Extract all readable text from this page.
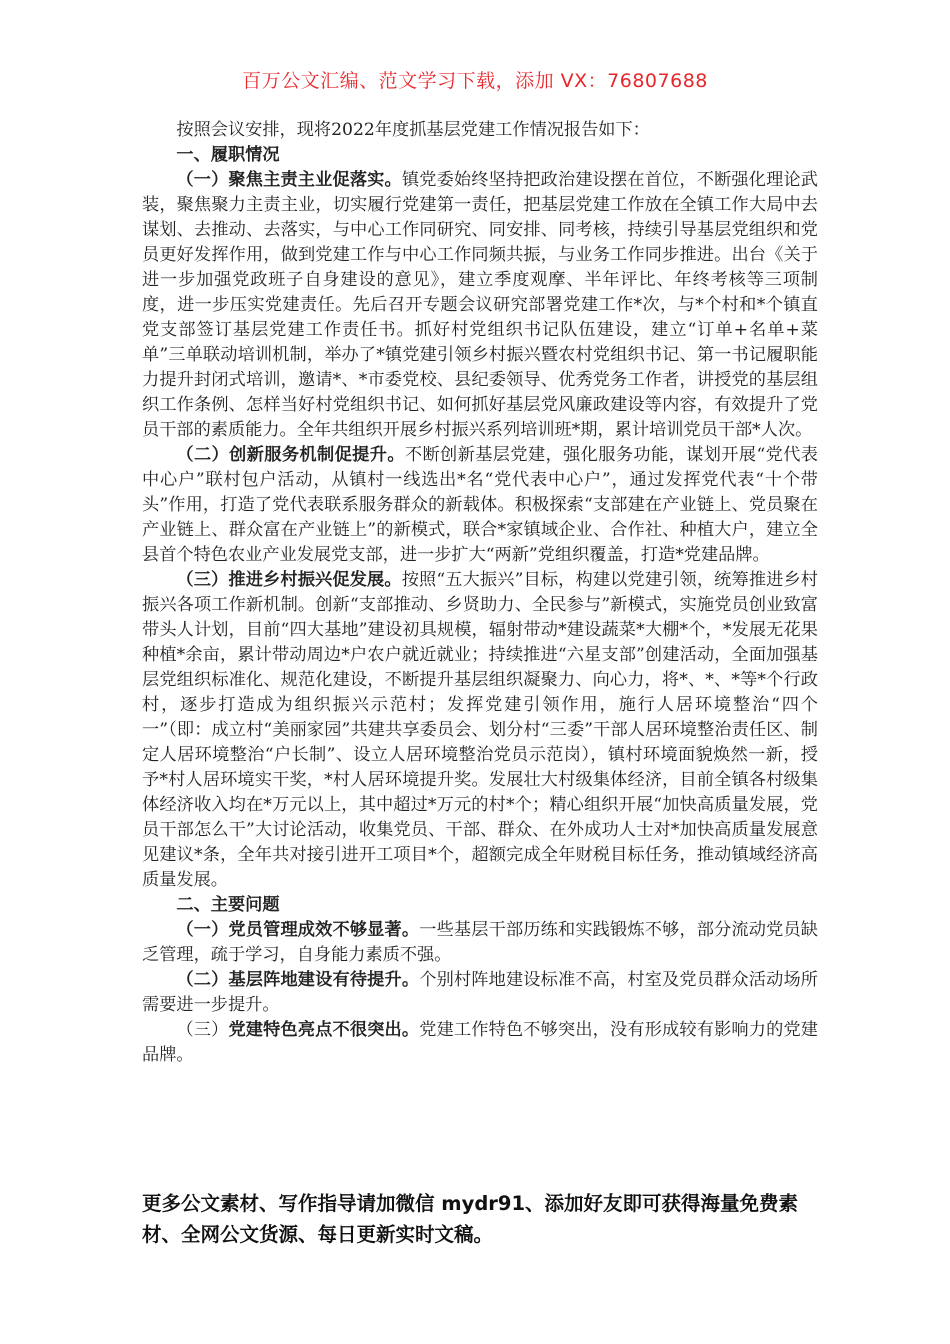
百万公文汇编、范文学习下载，添加 VX：76807688

按照会议安排，现将2022年度抓基层党建工作情况报告如下：

一、履职情况

（一）聚焦主责主业促落实。镇党委始终坚持把政治建设摆在首位，不断强化理论武装，聚焦聚力主责主业，切实履行党建第一责任，把基层党建工作放在全镇工作大局中去谋划、去推动、去落实，与中心工作同研究、同安排、同考核，持续引导基层党组织和党员更好发挥作用，做到党建工作与中心工作同频共振，与业务工作同步推进。出台《关于进一步加强党政班子自身建设的意见》，建立季度观摩、半年评比、年终考核等三项制度，进一步压实党建责任。先后召开专题会议研究部署党建工作*次，与*个村和*个镇直党支部签订基层党建工作责任书。抓好村党组织书记队伍建设，建立“订单+名单+菜单”三单联动培训机制，举办了*镇党建引领乡村振兴暨农村党组织书记、第一书记履职能力提升封闭式培训，邀请*、*市委党校、县纪委领导、优秀党务工作者，讲授党的基层组织工作条例、怎样当好村党组织书记、如何抓好基层党风廉政建设等内容，有效提升了党员干部的素质能力。全年共组织开展乡村振兴系列培训班*期，累计培训党员干部*人次。

（二）创新服务机制促提升。不断创新基层党建，强化服务功能，谋划开展“党代表中心户”联村包户活动，从镇村一线选出*名“党代表中心户”，通过发挥党代表“十个带头”作用，打造了党代表联系服务群众的新载体。积极探索“支部建在产业链上、党员聚在产业链上、群众富在产业链上”的新模式，联合*家镇域企业、合作社、种植大户，建立全县首个特色农业产业发展党支部，进一步扩大“两新”党组织覆盖，打造*党建品牌。

（三）推进乡村振兴促发展。按照“五大振兴”目标，构建以党建引领，统筹推进乡村振兴各项工作新机制。创新“支部推动、乡贤助力、全民参与”新模式，实施党员创业致富带头人计划，目前“四大基地”建设初具规模，辐射带动*建设蔬菜*大棚*个，*发展无花果种植*余亩，累计带动周边*户农户就近就业；持续推进“六星支部”创建活动，全面加强基层党组织标准化、规范化建设，不断提升基层组织凝聚力、向心力，将*、*、*等*个行政村，逐步打造成为组织振兴示范村；发挥党建引领作用，施行人居环境整治“四个一”（即：成立村“美丽家园”共建共享委员会、划分村“三委”干部人居环境整治责任区、制定人居环境整治“户长制”、设立人居环境整治党员示范岗），镇村环境面貌焕然一新，授予*村人居环境实干奖，*村人居环境提升奖。发展壮大村级集体经济，目前全镇各村级集体经济收入均在*万元以上，其中超过*万元的村*个；精心组织开展“加快高质量发展，党员干部怎么干”大讨论活动，收集党员、干部、群众、在外成功人士对*加快高质量发展意见建议*条，全年共对接引进开工项目*个，超额完成全年财税目标任务，推动镇域经济高质量发展。

二、主要问题

（一）党员管理成效不够显著。一些基层干部历练和实践锻炼不够，部分流动党员缺乏管理，疏于学习，自身能力素质不强。

（二）基层阵地建设有待提升。个别村阵地建设标准不高，村室及党员群众活动场所需要进一步提升。

（三）党建特色亮点不很突出。党建工作特色不够突出，没有形成较有影响力的党建品牌。

更多公文素材、写作指导请加微信 mydr91、添加好友即可获得海量免费素材、全网公文货源、每日更新实时文稿。
